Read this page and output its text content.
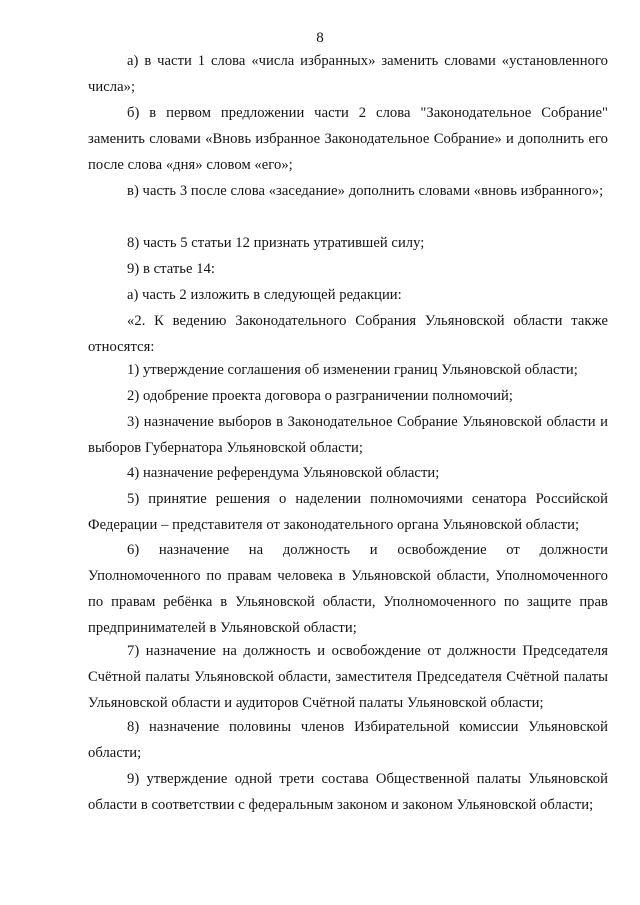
8

а) в части 1 слова «числа избранных» заменить словами «установленного числа»;

б) в первом предложении части 2 слова "Законодательное Собрание" заменить словами «Вновь избранное Законодательное Собрание» и дополнить его после слова «дня» словом «его»;

в) часть 3 после слова «заседание» дополнить словами «вновь избранного»;

8) часть 5 статьи 12 признать утратившей силу;

9) в статье 14:

а) часть 2 изложить в следующей редакции:

«2. К ведению Законодательного Собрания Ульяновской области также относятся:

1) утверждение соглашения об изменении границ Ульяновской области;

2) одобрение проекта договора о разграничении полномочий;

3) назначение выборов в Законодательное Собрание Ульяновской области и выборов Губернатора Ульяновской области;

4) назначение референдума Ульяновской области;

5) принятие решения о наделении полномочиями сенатора Российской Федерации – представителя от законодательного органа Ульяновской области;

6) назначение на должность и освобождение от должности Уполномоченного по правам человека в Ульяновской области, Уполномоченного по правам ребёнка в Ульяновской области, Уполномоченного по защите прав предпринимателей в Ульяновской области;

7) назначение на должность и освобождение от должности Председателя Счётной палаты Ульяновской области, заместителя Председателя Счётной палаты Ульяновской области и аудиторов Счётной палаты Ульяновской области;

8) назначение половины членов Избирательной комиссии Ульяновской области;

9) утверждение одной трети состава Общественной палаты Ульяновской области в соответствии с федеральным законом и законом Ульяновской области;
